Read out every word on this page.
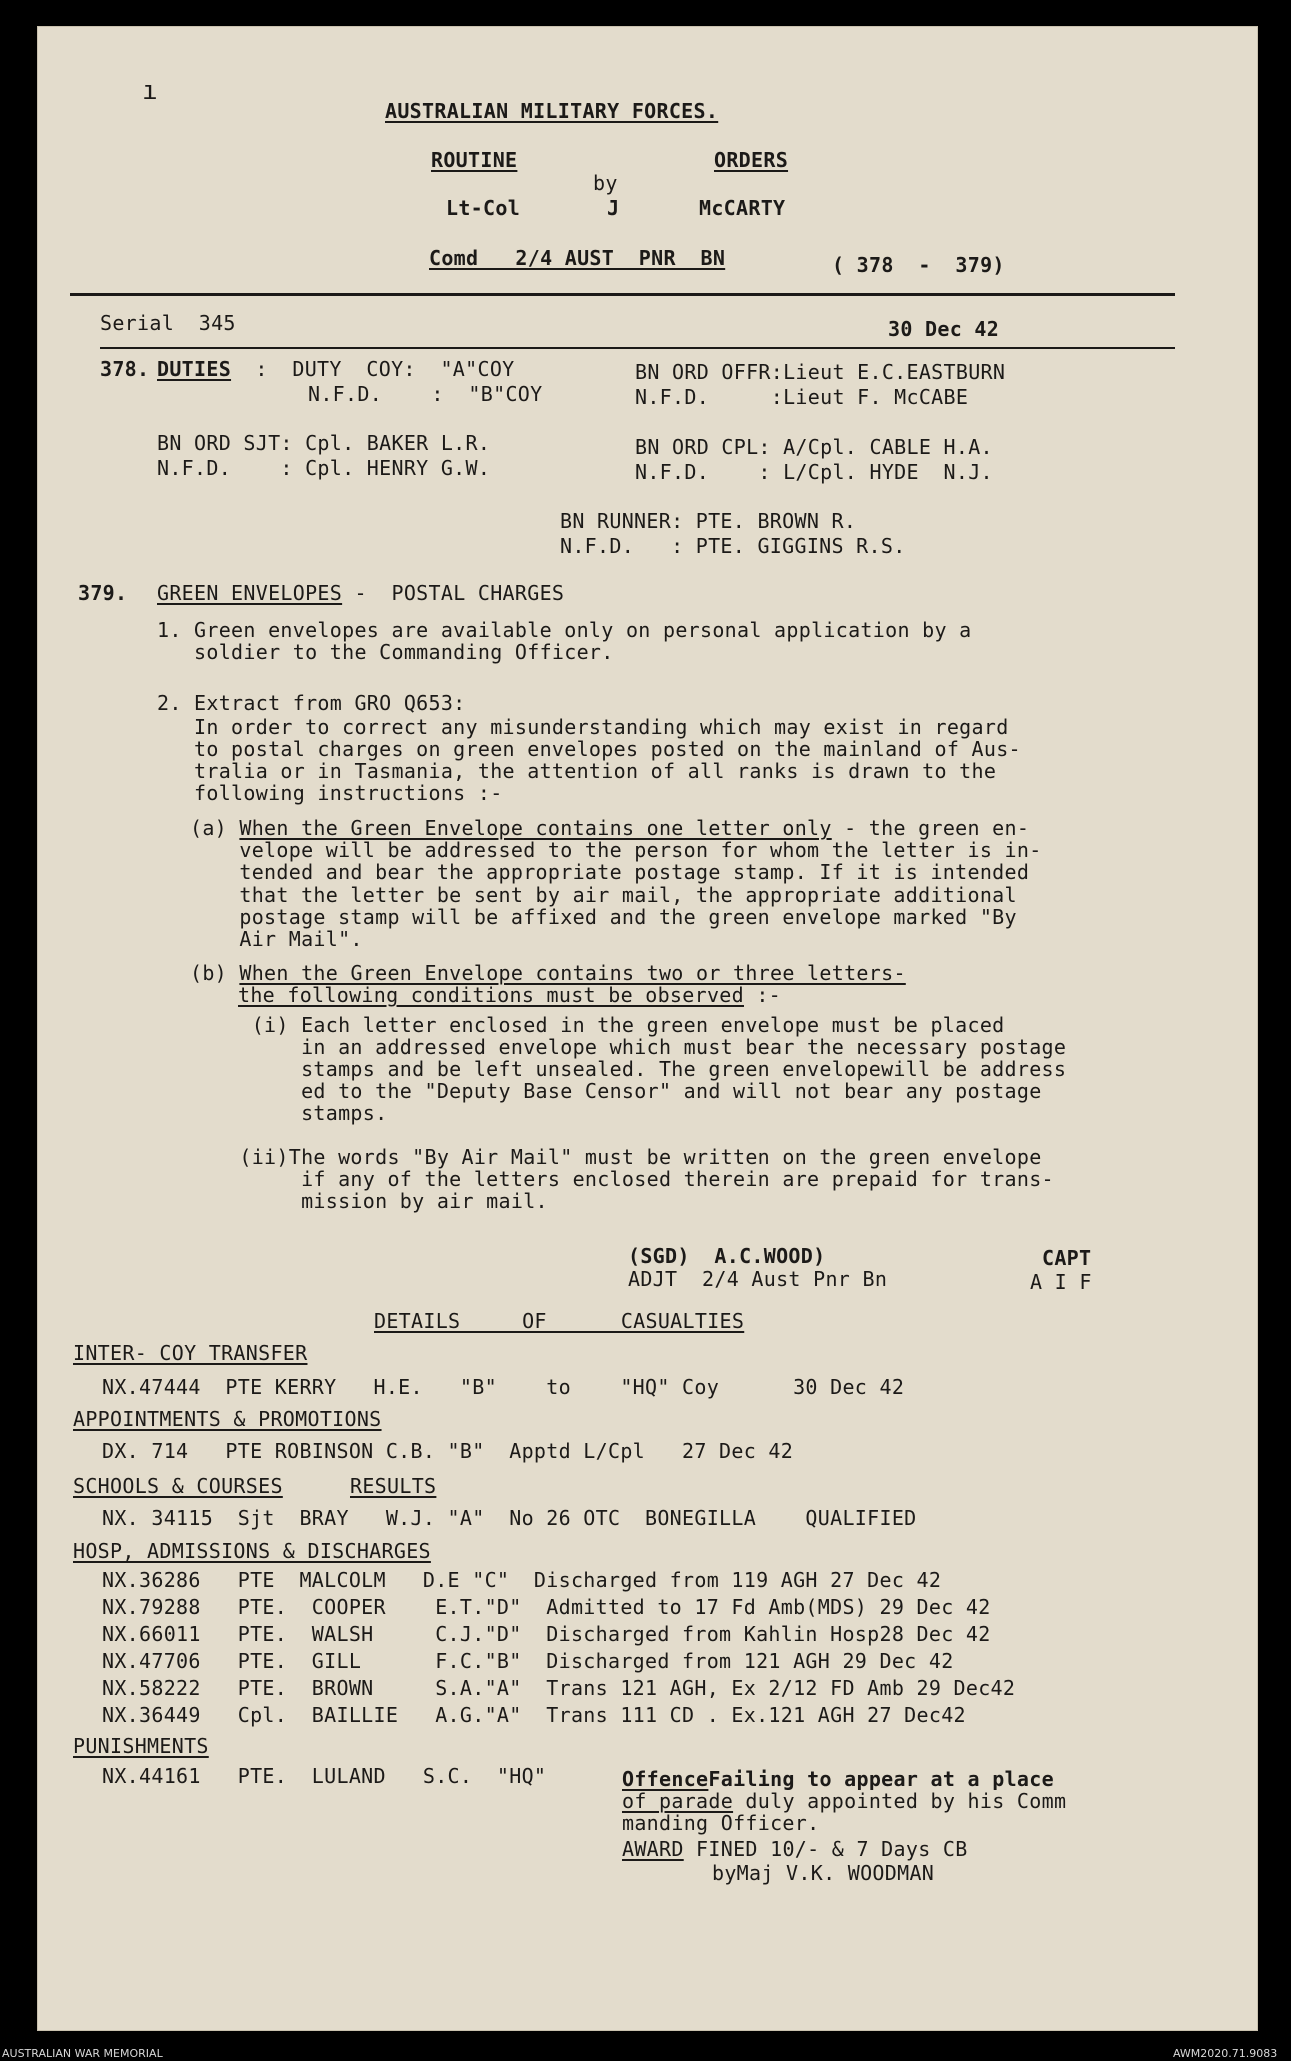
ı
AUSTRALIAN MILITARY FORCES.
ROUTINE	ORDERS
by
Lt-Col	J	McCARTY
Comd   2/4 AUST  PNR  BN	( 378  -  379)
Serial  345	30 Dec 42
378. DUTIES :  DUTY  COY:  "A"COY	BN ORD OFFR:Lieut E.C.EASTBURN
N.F.D.    :  "B"COY	N.F.D.     :Lieut F. McCABE
BN ORD SJT: Cpl. BAKER L.R.	BN ORD CPL: A/Cpl. CABLE H.A.
N.F.D.    : Cpl. HENRY G.W.	N.F.D.    : L/Cpl. HYDE  N.J.
BN RUNNER: PTE. BROWN R.
N.F.D.   : PTE. GIGGINS R.S.
379. GREEN ENVELOPES -  POSTAL CHARGES
1. Green envelopes are available only on personal application by a
soldier to the Commanding Officer.
2. Extract from GRO Q653:
In order to correct any misunderstanding which may exist in regard
to postal charges on green envelopes posted on the mainland of Aus-
tralia or in Tasmania, the attention of all ranks is drawn to the
following instructions :-
(a) When the Green Envelope contains one letter only - the green en-
velope will be addressed to the person for whom the letter is in-
tended and bear the appropriate postage stamp. If it is intended
that the letter be sent by air mail, the appropriate additional
postage stamp will be affixed and the green envelope marked "By
Air Mail".
(b) When the Green Envelope contains two or three letters-
the following conditions must be observed :-
(i) Each letter enclosed in the green envelope must be placed
in an addressed envelope which must bear the necessary postage
stamps and be left unsealed. The green envelopewill be address
ed to the "Deputy Base Censor" and will not bear any postage
stamps.
(ii)The words "By Air Mail" must be written on the green envelope
if any of the letters enclosed therein are prepaid for trans-
mission by air mail.
(SGD)  A.C.WOOD)	CAPT
ADJT  2/4 Aust Pnr Bn	A I F
DETAILS     OF      CASUALTIES
INTER- COY TRANSFER
NX.47444  PTE KERRY   H.E.   "B"    to    "HQ" Coy      30 Dec 42
APPOINTMENTS & PROMOTIONS
DX. 714   PTE ROBINSON C.B. "B"  Apptd L/Cpl   27 Dec 42
SCHOOLS & COURSES	RESULTS
NX. 34115  Sjt  BRAY   W.J. "A"  No 26 OTC  BONEGILLA    QUALIFIED
HOSP, ADMISSIONS & DISCHARGES
NX.36286   PTE  MALCOLM   D.E "C"  Discharged from 119 AGH 27 Dec 42
NX.79288   PTE.  COOPER    E.T."D"  Admitted to 17 Fd Amb(MDS) 29 Dec 42
NX.66011   PTE.  WALSH     C.J."D"  Discharged from Kahlin Hosp28 Dec 42
NX.47706   PTE.  GILL      F.C."B"  Discharged from 121 AGH 29 Dec 42
NX.58222   PTE.  BROWN     S.A."A"  Trans 121 AGH, Ex 2/12 FD Amb 29 Dec42
NX.36449   Cpl.  BAILLIE   A.G."A"  Trans 111 CD . Ex.121 AGH 27 Dec42
PUNISHMENTS
NX.44161   PTE.  LULAND   S.C.  "HQ"	OffenceFailing to appear at a place
of parade duly appointed by his Comm
manding Officer.
AWARD FINED 10/- & 7 Days CB
byMaj V.K. WOODMAN
AUSTRALIAN WAR MEMORIAL	AWM2020.71.9083
